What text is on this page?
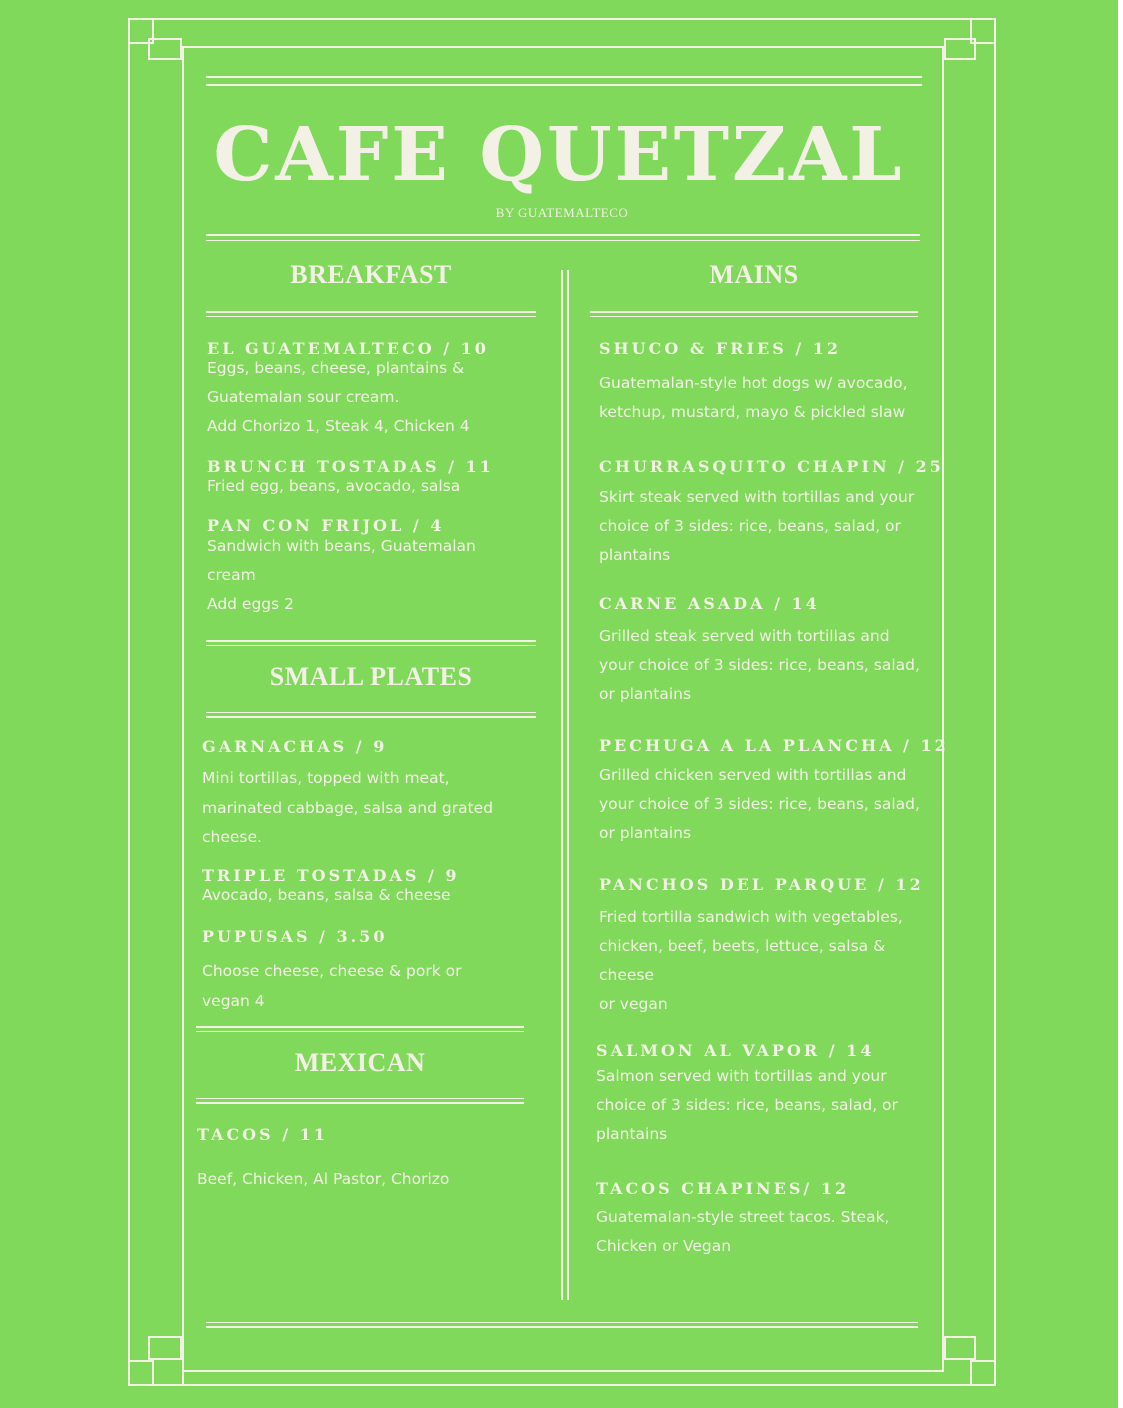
CAFE QUETZAL
BY GUATEMALTECO
BREAKFAST
EL GUATEMALTECO / 10
Eggs, beans, cheese, plantains &
Guatemalan sour cream.
Add Chorizo 1, Steak 4, Chicken 4
BRUNCH TOSTADAS / 11
Fried egg, beans, avocado, salsa
PAN CON FRIJOL / 4
Sandwich with beans, Guatemalan
cream
Add eggs 2
SMALL PLATES
GARNACHAS / 9
Mini tortillas, topped with meat,
marinated cabbage, salsa and grated
cheese.
TRIPLE TOSTADAS / 9
Avocado, beans, salsa & cheese
PUPUSAS / 3.50
Choose cheese, cheese & pork or
vegan 4
MEXICAN
TACOS / 11
Beef, Chicken, Al Pastor, Chorizo
MAINS
SHUCO & FRIES / 12
Guatemalan-style hot dogs w/ avocado,
ketchup, mustard, mayo & pickled slaw
CHURRASQUITO CHAPIN / 25
Skirt steak served with tortillas and your
choice of 3 sides: rice, beans, salad, or
plantains
CARNE ASADA / 14
Grilled steak served with tortillas and
your choice of 3 sides: rice, beans, salad,
or plantains
PECHUGA A LA PLANCHA / 12
Grilled chicken served with tortillas and
your choice of 3 sides: rice, beans, salad,
or plantains
PANCHOS DEL PARQUE / 12
Fried tortilla sandwich with vegetables,
chicken, beef, beets, lettuce, salsa &
cheese
or vegan
SALMON AL VAPOR / 14
Salmon served with tortillas and your
choice of 3 sides: rice, beans, salad, or
plantains
TACOS CHAPINES/ 12
Guatemalan-style street tacos. Steak,
Chicken or Vegan
